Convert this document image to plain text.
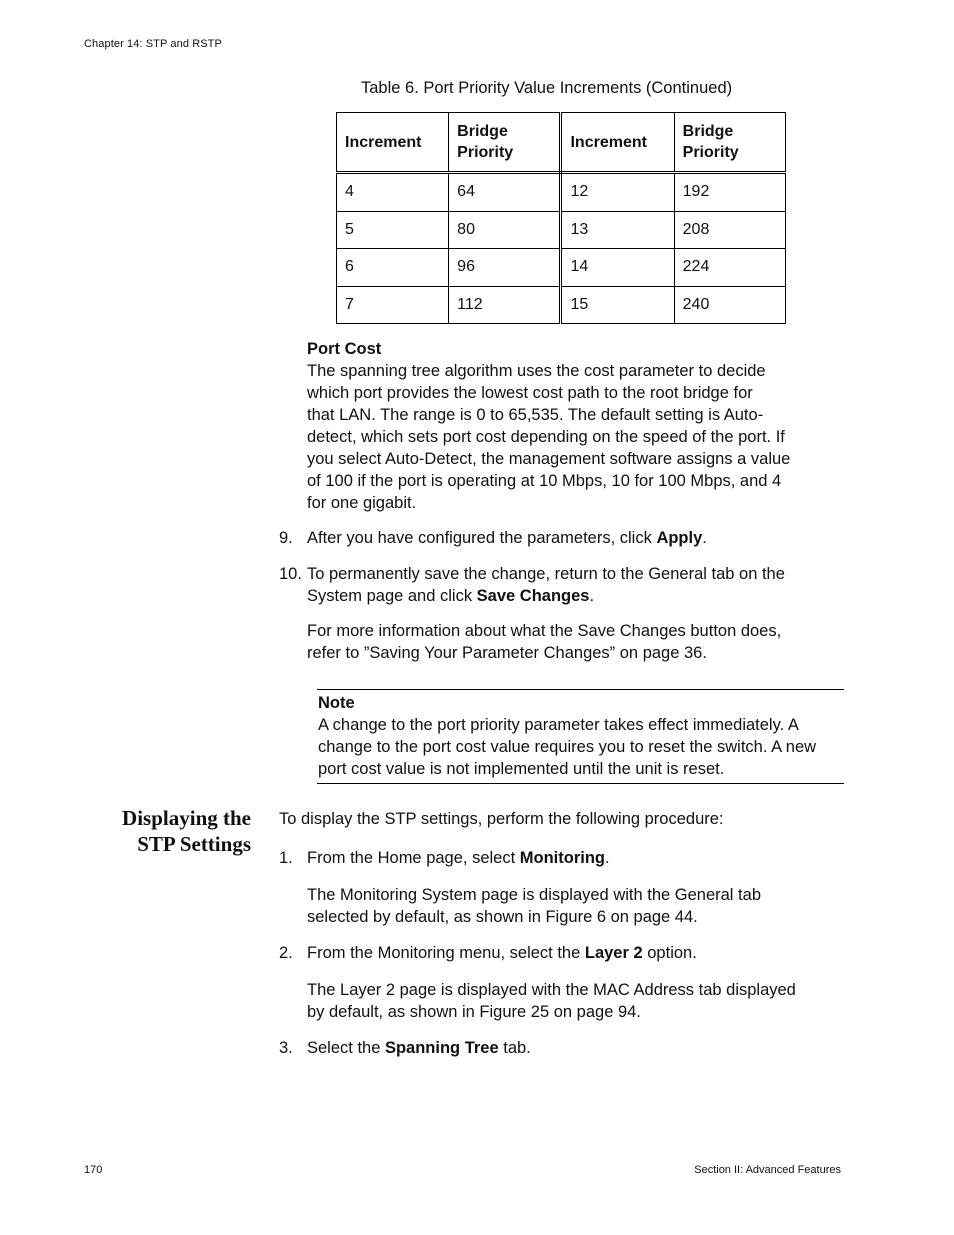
Chapter 14: STP and RSTP
Table 6. Port Priority Value Increments (Continued)
Increment	Bridge Priority	Increment	Bridge Priority
4	64	12	192
5	80	13	208
6	96	14	224
7	112	15	240
Port Cost
The spanning tree algorithm uses the cost parameter to decide
which port provides the lowest cost path to the root bridge for
that LAN. The range is 0 to 65,535. The default setting is Auto-
detect, which sets port cost depending on the speed of the port. If
you select Auto-Detect, the management software assigns a value
of 100 if the port is operating at 10 Mbps, 10 for 100 Mbps, and 4
for one gigabit.
9. After you have configured the parameters, click Apply.
10. To permanently save the change, return to the General tab on the
System page and click Save Changes.
For more information about what the Save Changes button does,
refer to ”Saving Your Parameter Changes” on page 36.
Note
A change to the port priority parameter takes effect immediately. A
change to the port cost value requires you to reset the switch. A new
port cost value is not implemented until the unit is reset.
Displaying the
STP Settings
To display the STP settings, perform the following procedure:
1. From the Home page, select Monitoring.
The Monitoring System page is displayed with the General tab
selected by default, as shown in Figure 6 on page 44.
2. From the Monitoring menu, select the Layer 2 option.
The Layer 2 page is displayed with the MAC Address tab displayed
by default, as shown in Figure 25 on page 94.
3. Select the Spanning Tree tab.
170	Section II: Advanced Features
